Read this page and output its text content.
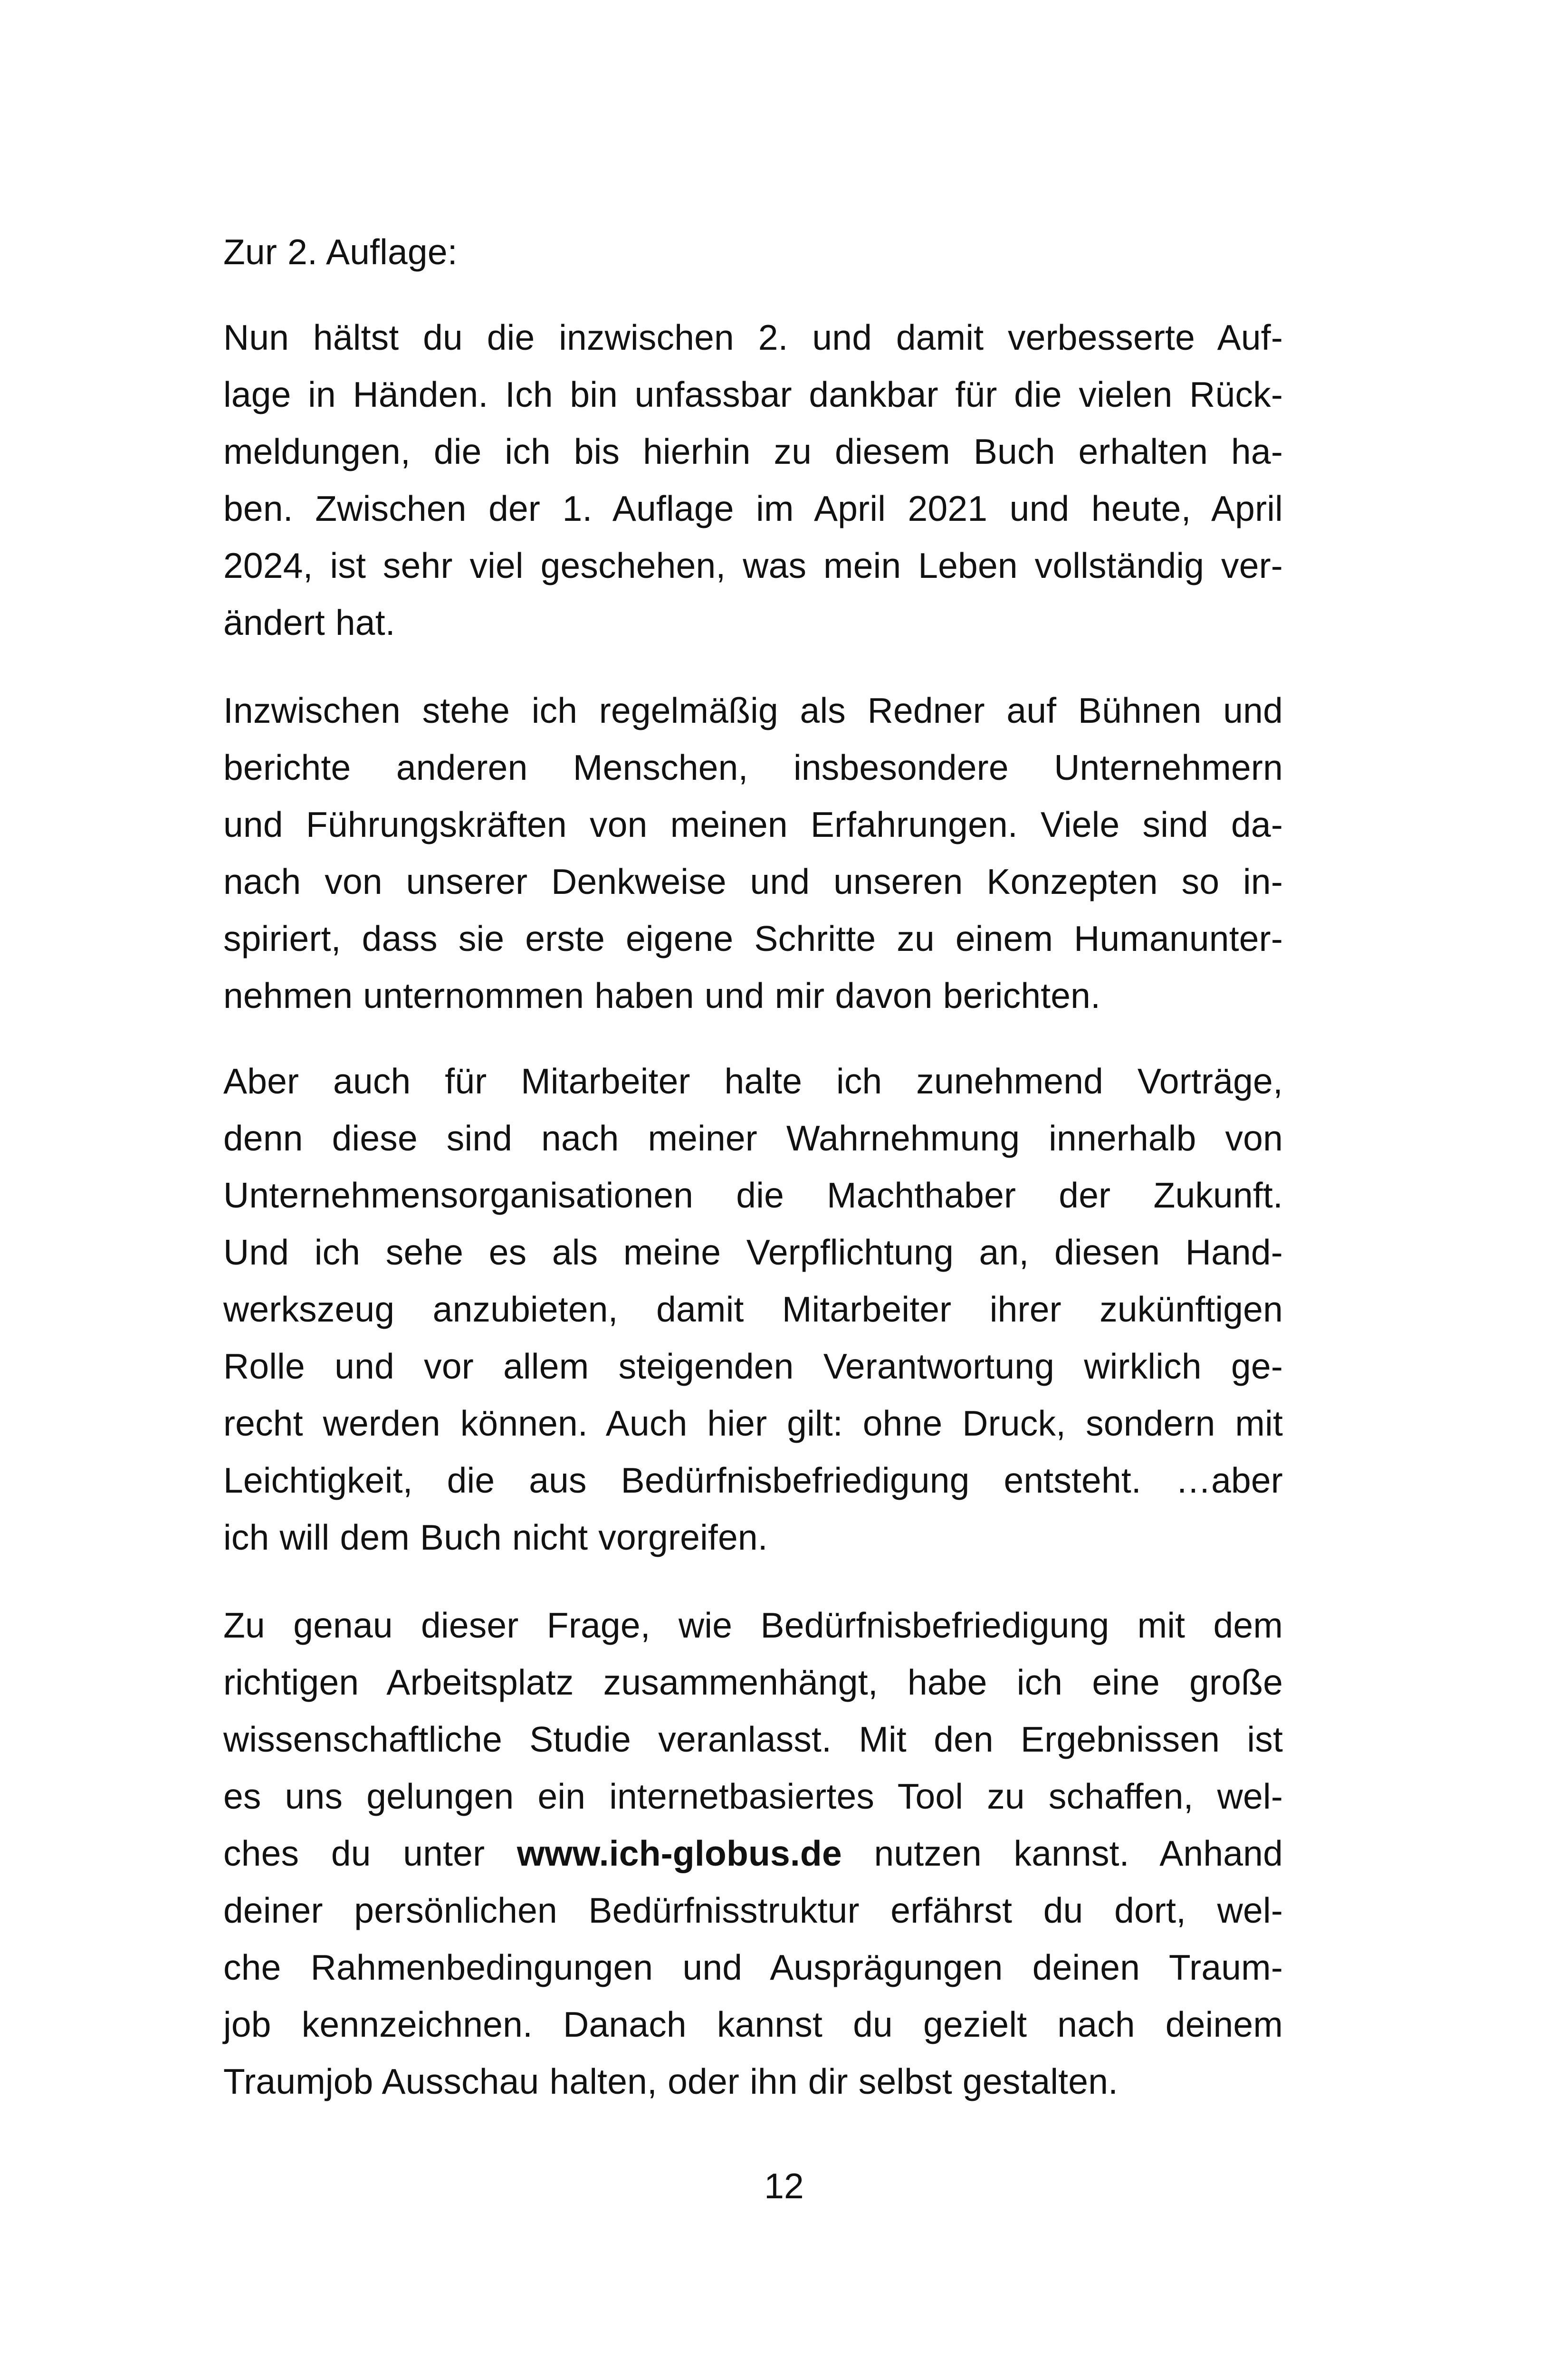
Zur 2. Auflage:
Nun hältst du die inzwischen 2. und damit verbesserte Auf-
lage in Händen. Ich bin unfassbar dankbar für die vielen Rück-
meldungen, die ich bis hierhin zu diesem Buch erhalten ha-
ben. Zwischen der 1. Auflage im April 2021 und heute, April
2024, ist sehr viel geschehen, was mein Leben vollständig ver-
ändert hat.
Inzwischen stehe ich regelmäßig als Redner auf Bühnen und
berichte anderen Menschen, insbesondere Unternehmern
und Führungskräften von meinen Erfahrungen. Viele sind da-
nach von unserer Denkweise und unseren Konzepten so in-
spiriert, dass sie erste eigene Schritte zu einem Humanunter-
nehmen unternommen haben und mir davon berichten.
Aber auch für Mitarbeiter halte ich zunehmend Vorträge,
denn diese sind nach meiner Wahrnehmung innerhalb von
Unternehmensorganisationen die Machthaber der Zukunft.
Und ich sehe es als meine Verpflichtung an, diesen Hand-
werkszeug anzubieten, damit Mitarbeiter ihrer zukünftigen
Rolle und vor allem steigenden Verantwortung wirklich ge-
recht werden können. Auch hier gilt: ohne Druck, sondern mit
Leichtigkeit, die aus Bedürfnisbefriedigung entsteht. …aber
ich will dem Buch nicht vorgreifen.
Zu genau dieser Frage, wie Bedürfnisbefriedigung mit dem
richtigen Arbeitsplatz zusammenhängt, habe ich eine große
wissenschaftliche Studie veranlasst. Mit den Ergebnissen ist
es uns gelungen ein internetbasiertes Tool zu schaffen, wel-
ches du unter www.ich-globus.de nutzen kannst. Anhand
deiner persönlichen Bedürfnisstruktur erfährst du dort, wel-
che Rahmenbedingungen und Ausprägungen deinen Traum-
job kennzeichnen. Danach kannst du gezielt nach deinem
Traumjob Ausschau halten, oder ihn dir selbst gestalten.
12
